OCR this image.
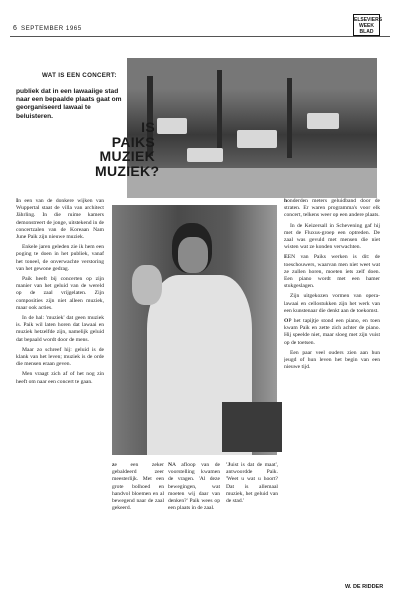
6 SEPTEMBER 1965
ELSEVIERS
WEEK
BLAD
WAT IS EEN CONCERT:
publiek dat in een lawaaiige stad naar een bepaalde plaats gaat om georganiseerd lawaai te beluisteren.
IS
PAIKS
MUZIEK
MUZIEK?

In een van de donkere wijken van Wuppertal staat de villa van architect Jährling. In die ruime kamers demonstreert de jonge, uitstekend in de concertzalen van de Koreaan Nam June Paik zijn nieuwe muziek.

Enkele jaren geleden zie ik hem een poging te doen in het publiek, vanaf het toneel, de onverwachte verstoring van het gewone gedrag.

Paik heeft bij concerten op zijn manier van het geluid van de wereld op de zaal vrijgelaten. Zijn composities zijn niet alleen muziek, maar ook acties.

In de hal: 'muziek' dat geen muziek is. Paik wil laten horen dat lawaai en muziek hetzelfde zijn, namelijk geluid dat bepaald wordt door de mens.

Maar zo schreef hij: geluid is de klank van het leven; muziek is de orde die mensen eraan geven.

Men vraagt zich af of het nog zin heeft om naar een concert te gaan.

ze een zeker gebaldeerd zeer meesterlijk. Met een grote bolhoed en handvol bloemen en al bewegend naar de zaal gekeerd.

NA afloop van de voorstelling kwamen de vragen. 'Al deze bewegingen, wat moeten wij daar van denken?' Paik wees op een plaats in de zaal.

'Juist is dat de maat', antwoordde Paik. 'Weet u wat u hoort? Dat is allemaal muziek, het geluid van de stad.'

honderden meters geluidband door de straten. Er waren programma's voor elk concert, telkens weer op een andere plaats.

In de Keizersall in Schevening gaf hij met de Fluxus-groep een optreden. De zaal was gevuld met mensen die niet wisten wat ze konden verwachten.

EEN van Paiks werken is dit: de toeschouwers, waarvan men niet weet wat ze zullen horen, moeten iets zelf doen. Een piano wordt met een hamer stukgeslagen.

Zijn uitgekozen vormen van opera-lawaai en cellostukken zijn het werk van een kunstenaar die denkt aan de toekomst.

OP het tapijtje stond een piano, en toen kwam Paik en zette zich achter de piano. Hij speelde niet, maar sloeg met zijn vuist op de toetsen.

Een paar veel ouders zien aan hun jeugd of hun leven het begin van een nieuwe tijd.

W. DE RIDDER
